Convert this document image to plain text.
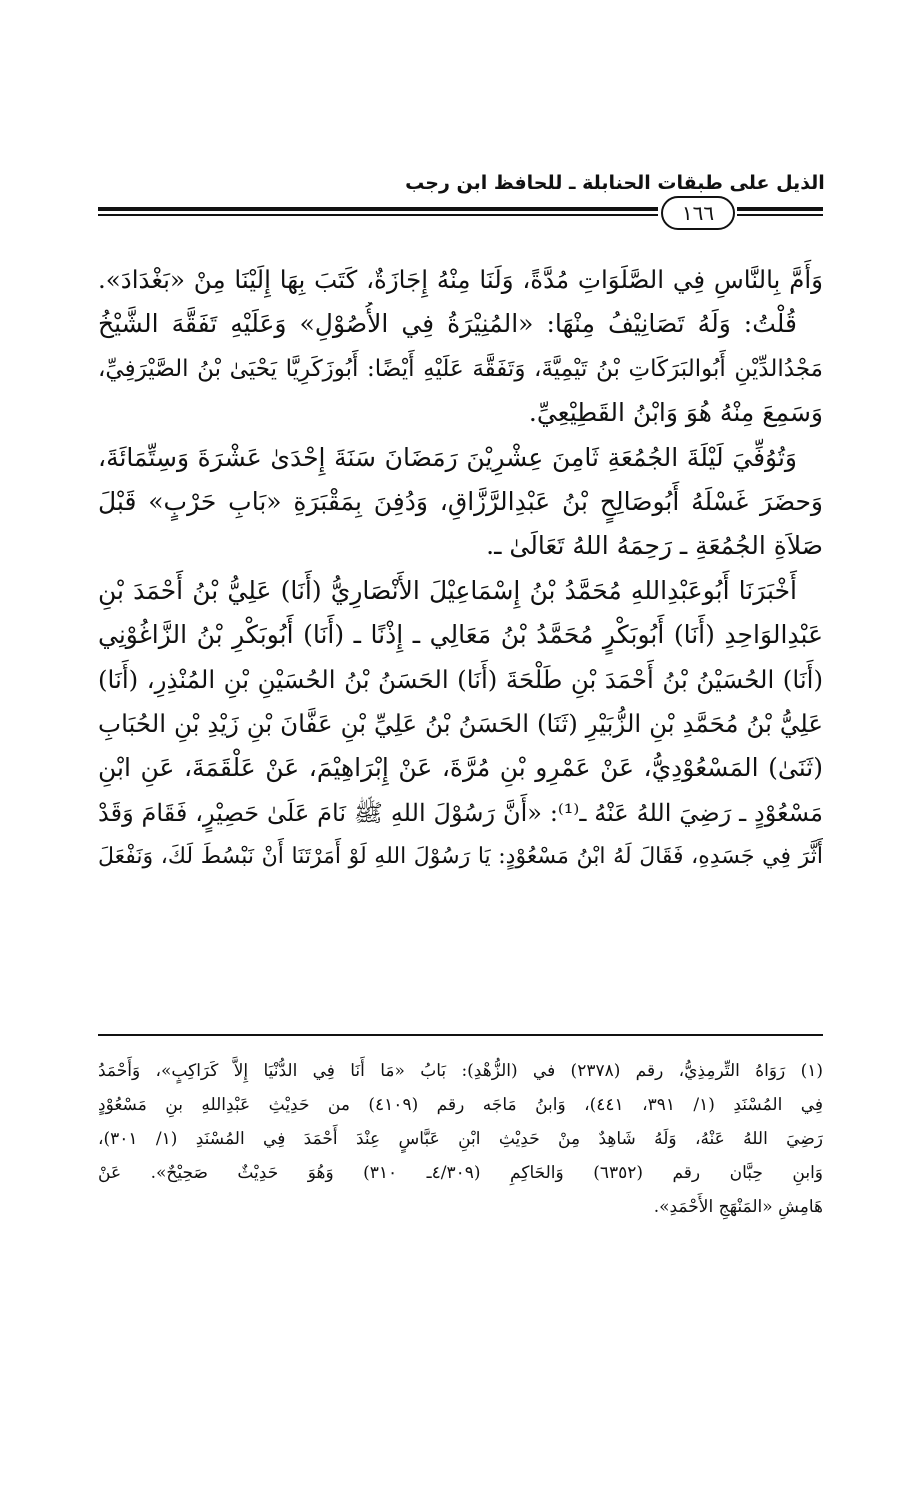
الذيل على طبقات الحنابلة ـ للحافظ ابن رجب
١٦٦
وَأَمَّ بِالنَّاسِ فِي الصَّلَوَاتِ مُدَّةً، وَلَنَا مِنْهُ إِجَازَةٌ، كَتَبَ بِهَا إِلَيْنَا مِنْ «بَغْدَادَ».
قُلْتُ: وَلَهُ تَصَانِيْفُ مِنْهَا: «المُنِيْرَةُ فِي الأُصُوْلِ» وَعَلَيْهِ تَفَقَّهَ الشَّيْخُ
مَجْدُالدِّيْنِ أَبُوالبَرَكَاتِ بْنُ تَيْمِيَّةَ، وَتَفَقَّهَ عَلَيْهِ أَيْضًا: أَبُوزَكَرِيَّا يَحْيَىٰ بْنُ الصَّيْرَفِيِّ،
وَسَمِعَ مِنْهُ هُوَ وَابْنُ القَطِيْعِيِّ.
وَتُوُفِّيَ لَيْلَةَ الجُمُعَةِ ثَامِنَ عِشْرِيْنَ رَمَضَانَ سَنَةَ إِحْدَىٰ عَشْرَةَ وَسِتِّمَائَةَ،
وَحضَرَ غَسْلَهُ أَبُوصَالِحٍ بْنُ عَبْدِالرَّزَّاقِ، وَدُفِنَ بِمَقْبَرَةِ «بَابِ حَرْبٍ» قَبْلَ
صَلاَةِ الجُمُعَةِ ـ رَحِمَهُ اللهُ تَعَالَىٰ ـ.
أَخْبَرَنَا أَبُوعَبْدِاللهِ مُحَمَّدُ بْنُ إِسْمَاعِيْلَ الأَنْصَارِيُّ (أَنَا) عَلِيُّ بْنُ أَحْمَدَ بْنِ
عَبْدِالوَاحِدِ (أَنَا) أَبُوبَكْرٍ مُحَمَّدُ بْنُ مَعَالِي ـ إِذْنًا ـ (أَنَا) أَبُوبَكْرِ بْنُ الزَّاغُوْنِي
(أَنَا) الحُسَيْنُ بْنُ أَحْمَدَ بْنِ طَلْحَةَ (أَنَا) الحَسَنُ بْنُ الحُسَيْنِ بْنِ المُنْذِرِ، (أَنَا)
عَلِيُّ بْنُ مُحَمَّدِ بْنِ الزُّبَيْرِ (ثَنَا) الحَسَنُ بْنُ عَلِيِّ بْنِ عَفَّانَ بْنِ زَيْدِ بْنِ الحُبَابِ
(ثَنَىٰ) المَسْعُوْدِيُّ، عَنْ عَمْرِو بْنِ مُرَّةَ، عَنْ إِبْرَاهِيْمَ، عَنْ عَلْقَمَةَ، عَنِ ابْنِ
مَسْعُوْدٍ ـ رَضِيَ اللهُ عَنْهُ ـ⁽¹⁾: «أَنَّ رَسُوْلَ اللهِ ﷺ نَامَ عَلَىٰ حَصِيْرٍ، فَقَامَ وَقَدْ
أَثَّرَ فِي جَسَدِهِ، فَقَالَ لَهُ ابْنُ مَسْعُوْدٍ: يَا رَسُوْلَ اللهِ لَوْ أَمَرْتَنَا أَنْ نَبْسُطَ لَكَ، وَنَفْعَلَ
(١) رَوَاهُ التِّرمِذِيُّ، رقم (٢٣٧٨) في (الزُّهْدِ): بَابُ «مَا أَنَا فِي الدُّنْيَا إِلاَّ كَرَاكِبٍ»، وَأَحْمَدُ
فِي المُسْنَدِ (١/ ٣٩١، ٤٤١)، وَابنُ مَاجَه رقم (٤١٠٩) من حَدِيْثِ عَبْدِاللهِ بنِ مَسْعُوْدٍ
رَضِيَ اللهُ عَنْهُ، وَلَهُ شَاهِدٌ مِنْ حَدِيْثِ ابْنِ عَبَّاسٍ عِنْدَ أَحْمَدَ فِي المُسْنَدِ (١/ ٣٠١)،
وَابنِ حِبَّان رقم (٦٣٥٢) وَالحَاكِمِ (٤/٣٠٩ـ ٣١٠) وَهُوَ حَدِيْثٌ صَحِيْحٌ». عَنْ
هَامِشِ «المَنْهَجِ الأَحْمَدِ».
